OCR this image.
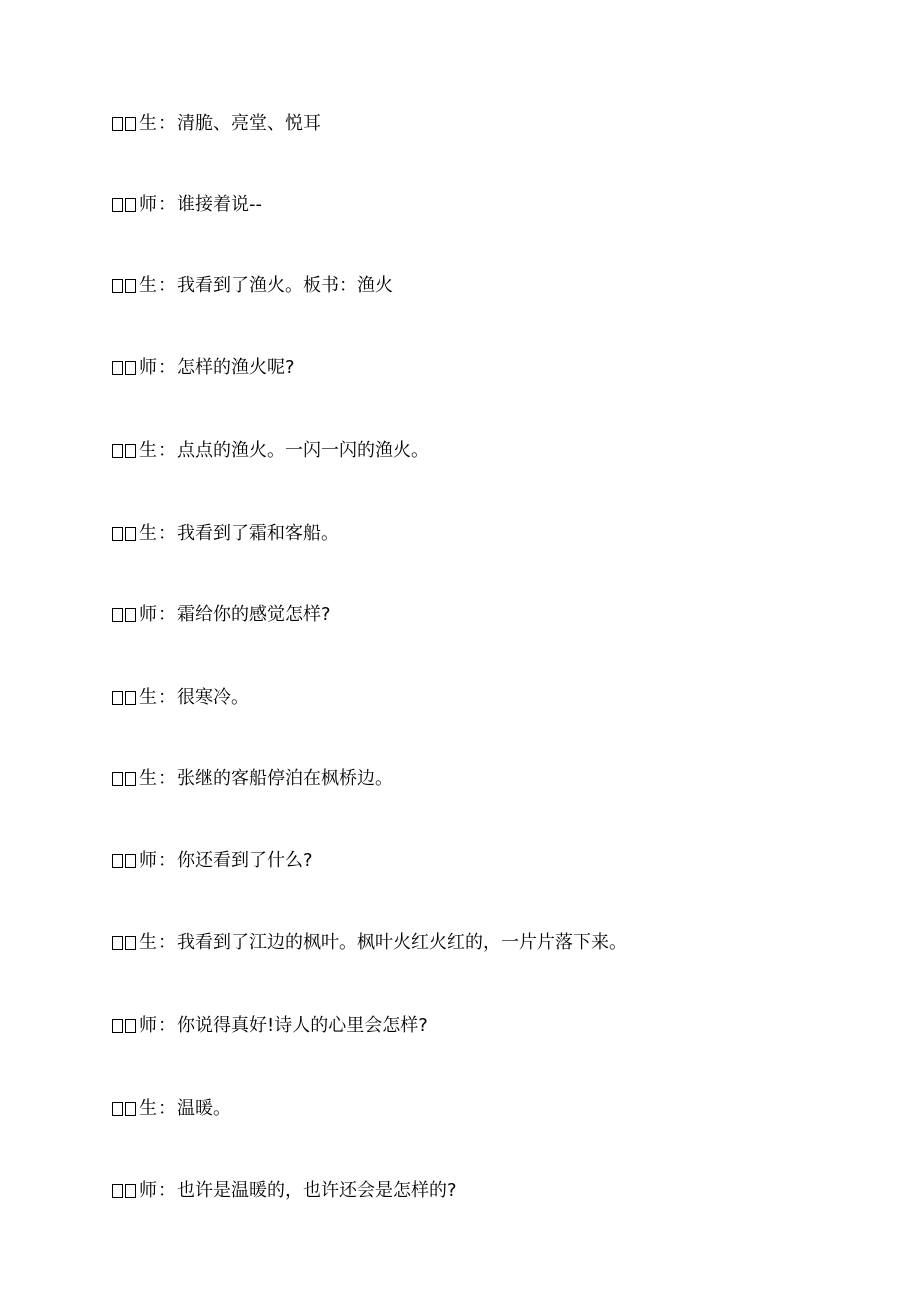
生 ： 清脆、亮堂、悦耳
师 ： 谁接着说--
生 ： 我看到了渔火。板书：渔火
师 ： 怎样的渔火呢?
生 ： 点点的渔火。一闪一闪的渔火。
生 ： 我看到了霜和客船。
师 ： 霜给你的感觉怎样?
生 ： 很寒冷。
生 ： 张继的客船停泊在枫桥边。
师 ： 你还看到了什么?
生 ： 我看到了江边的枫叶。枫叶火红火红的，一片片落下来。
师 ： 你说得真好!诗人的心里会怎样?
生 ： 温暖。
师 ： 也许是温暖的，也许还会是怎样的?
